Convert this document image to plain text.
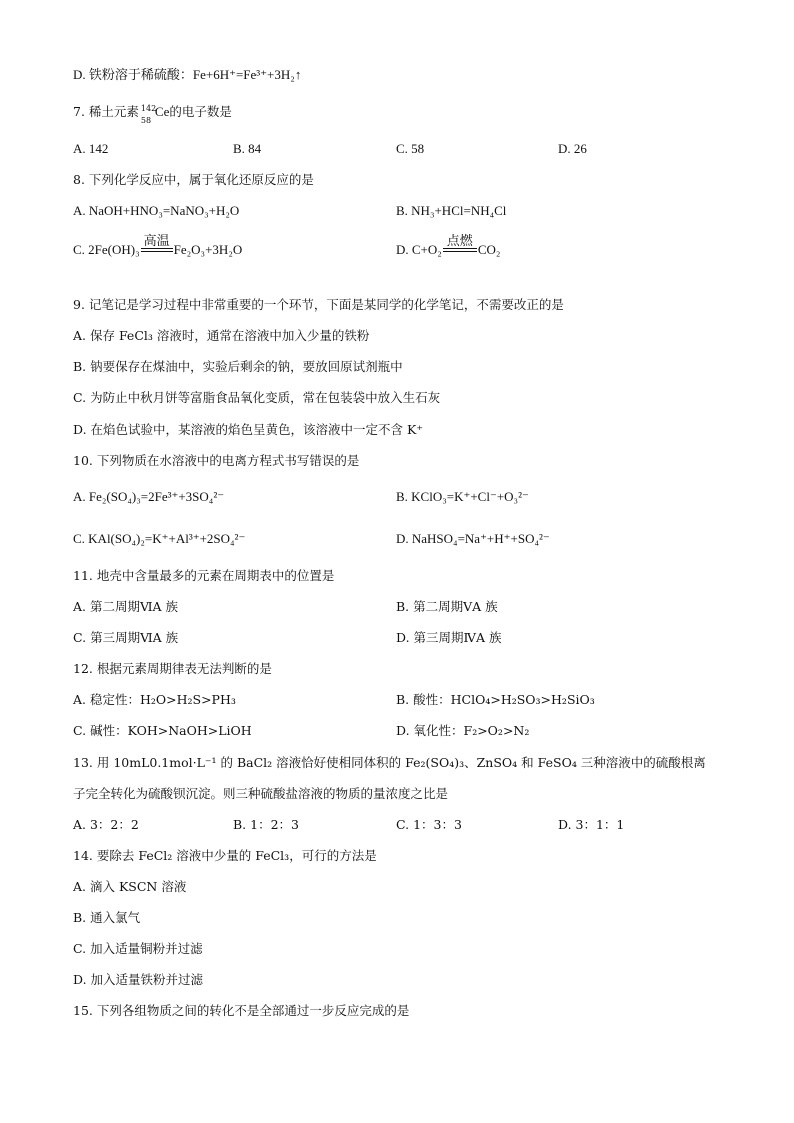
D. 铁粉溶于稀硫酸：Fe+6H⁺=Fe³⁺+3H₂↑
7. 稀土元素 142
58
Ce的电子数是
A. 142	B. 84	C. 58	D. 26
8. 下列化学反应中，属于氧化还原反应的是
A. NaOH+HNO₃=NaNO₃+H₂O	B. NH₃+HCl=NH₄Cl
C. 2Fe(OH)₃
高温
Fe₂O₃+3H₂O	D. C+O₂
点燃
CO₂
9. 记笔记是学习过程中非常重要的一个环节，下面是某同学的化学笔记，不需要改正的是
A. 保存 FeCl₃ 溶液时，通常在溶液中加入少量的铁粉
B. 钠要保存在煤油中，实验后剩余的钠，要放回原试剂瓶中
C. 为防止中秋月饼等富脂食品氧化变质，常在包装袋中放入生石灰
D. 在焰色试验中，某溶液的焰色呈黄色，该溶液中一定不含 K⁺
10. 下列物质在水溶液中的电离方程式书写错误的是
A. Fe₂(SO₄)₃=2Fe³⁺+3SO₄²⁻	B. KClO₃=K⁺+Cl⁻+O₃²⁻
C. KAl(SO₄)₂=K⁺+Al³⁺+2SO₄²⁻	D. NaHSO₄=Na⁺+H⁺+SO₄²⁻
11. 地壳中含量最多的元素在周期表中的位置是
A. 第二周期ⅥA 族	B. 第二周期ⅤA 族
C. 第三周期ⅥA 族	D. 第三周期ⅣA 族
12. 根据元素周期律表无法判断的是
A. 稳定性：H₂O>H₂S>PH₃	B. 酸性：HClO₄>H₂SO₃>H₂SiO₃
C. 碱性：KOH>NaOH>LiOH	D. 氧化性：F₂>O₂>N₂
13. 用 10mL0.1mol·L⁻¹ 的 BaCl₂ 溶液恰好使相同体积的 Fe₂(SO₄)₃、ZnSO₄ 和 FeSO₄ 三种溶液中的硫酸根离
子完全转化为硫酸钡沉淀。则三种硫酸盐溶液的物质的量浓度之比是
A. 3：2：2	B. 1：2：3	C. 1：3：3	D. 3：1：1
14. 要除去 FeCl₂ 溶液中少量的 FeCl₃，可行的方法是
A. 滴入 KSCN 溶液
B. 通入氯气
C. 加入适量铜粉并过滤
D. 加入适量铁粉并过滤
15. 下列各组物质之间的转化不是全部通过一步反应完成的是
